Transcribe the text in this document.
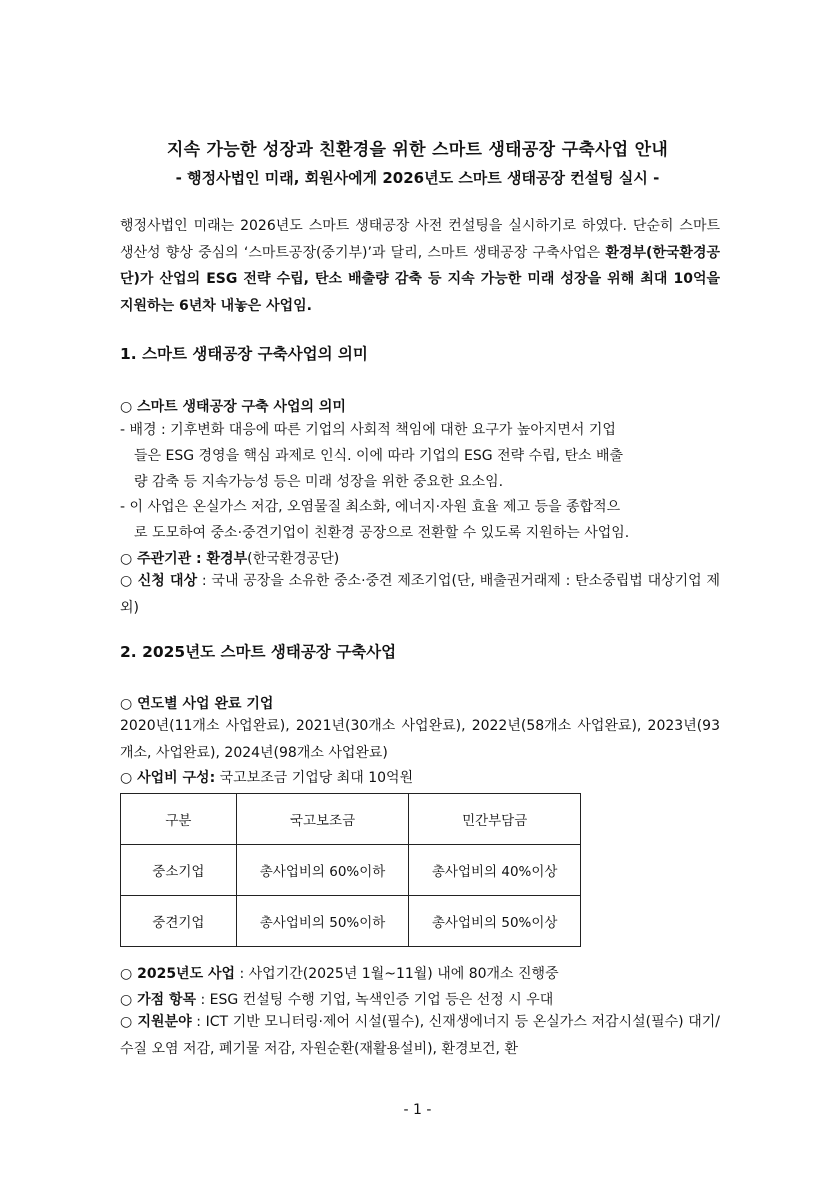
지속 가능한 성장과 친환경을 위한 스마트 생태공장 구축사업 안내
- 행정사법인 미래, 회원사에게 2026년도 스마트 생태공장 컨설팅 실시 -
행정사법인 미래는 2026년도 스마트 생태공장 사전 컨설팅을 실시하기로 하였다. 단순히 스마트 생산성 향상 중심의 ‘스마트공장(중기부)’과 달리, 스마트 생태공장 구축사업은 환경부(한국환경공단)가 산업의 ESG 전략 수립, 탄소 배출량 감축 등 지속 가능한 미래 성장을 위해 최대 10억을 지원하는 6년차 내놓은 사업임.
1. 스마트 생태공장 구축사업의 의미
○ 스마트 생태공장 구축 사업의 의미
- 배경 : 기후변화 대응에 따른 기업의 사회적 책임에 대한 요구가 높아지면서 기업
들은 ESG 경영을 핵심 과제로 인식. 이에 따라 기업의 ESG 전략 수립, 탄소 배출
량 감축 등 지속가능성 등은 미래 성장을 위한 중요한 요소임.
- 이 사업은 온실가스 저감, 오염물질 최소화, 에너지·자원 효율 제고 등을 종합적으
로 도모하여 중소·중견기업이 친환경 공장으로 전환할 수 있도록 지원하는 사업임.
○ 주관기관 : 환경부(한국환경공단)
○ 신청 대상 : 국내 공장을 소유한 중소·중견 제조기업(단, 배출권거래제 : 탄소중립법 대상기업 제외)
2. 2025년도 스마트 생태공장 구축사업
○ 연도별 사업 완료 기업
2020년(11개소 사업완료), 2021년(30개소 사업완료), 2022년(58개소 사업완료), 2023년(93개소, 사업완료), 2024년(98개소 사업완료)
○ 사업비 구성: 국고보조금 기업당 최대 10억원
구분	국고보조금	민간부담금
중소기업	총사업비의 60%이하	총사업비의 40%이상
중견기업	총사업비의 50%이하	총사업비의 50%이상
○ 2025년도 사업 : 사업기간(2025년 1월~11월) 내에 80개소 진행중
○ 가점 항목 : ESG 컨설팅 수행 기업, 녹색인증 기업 등은 선정 시 우대
○ 지원분야 : ICT 기반 모니터링·제어 시설(필수), 신재생에너지 등 온실가스 저감시설(필수) 대기/수질 오염 저감, 폐기물 저감, 자원순환(재활용설비), 환경보건, 환
- 1 -
